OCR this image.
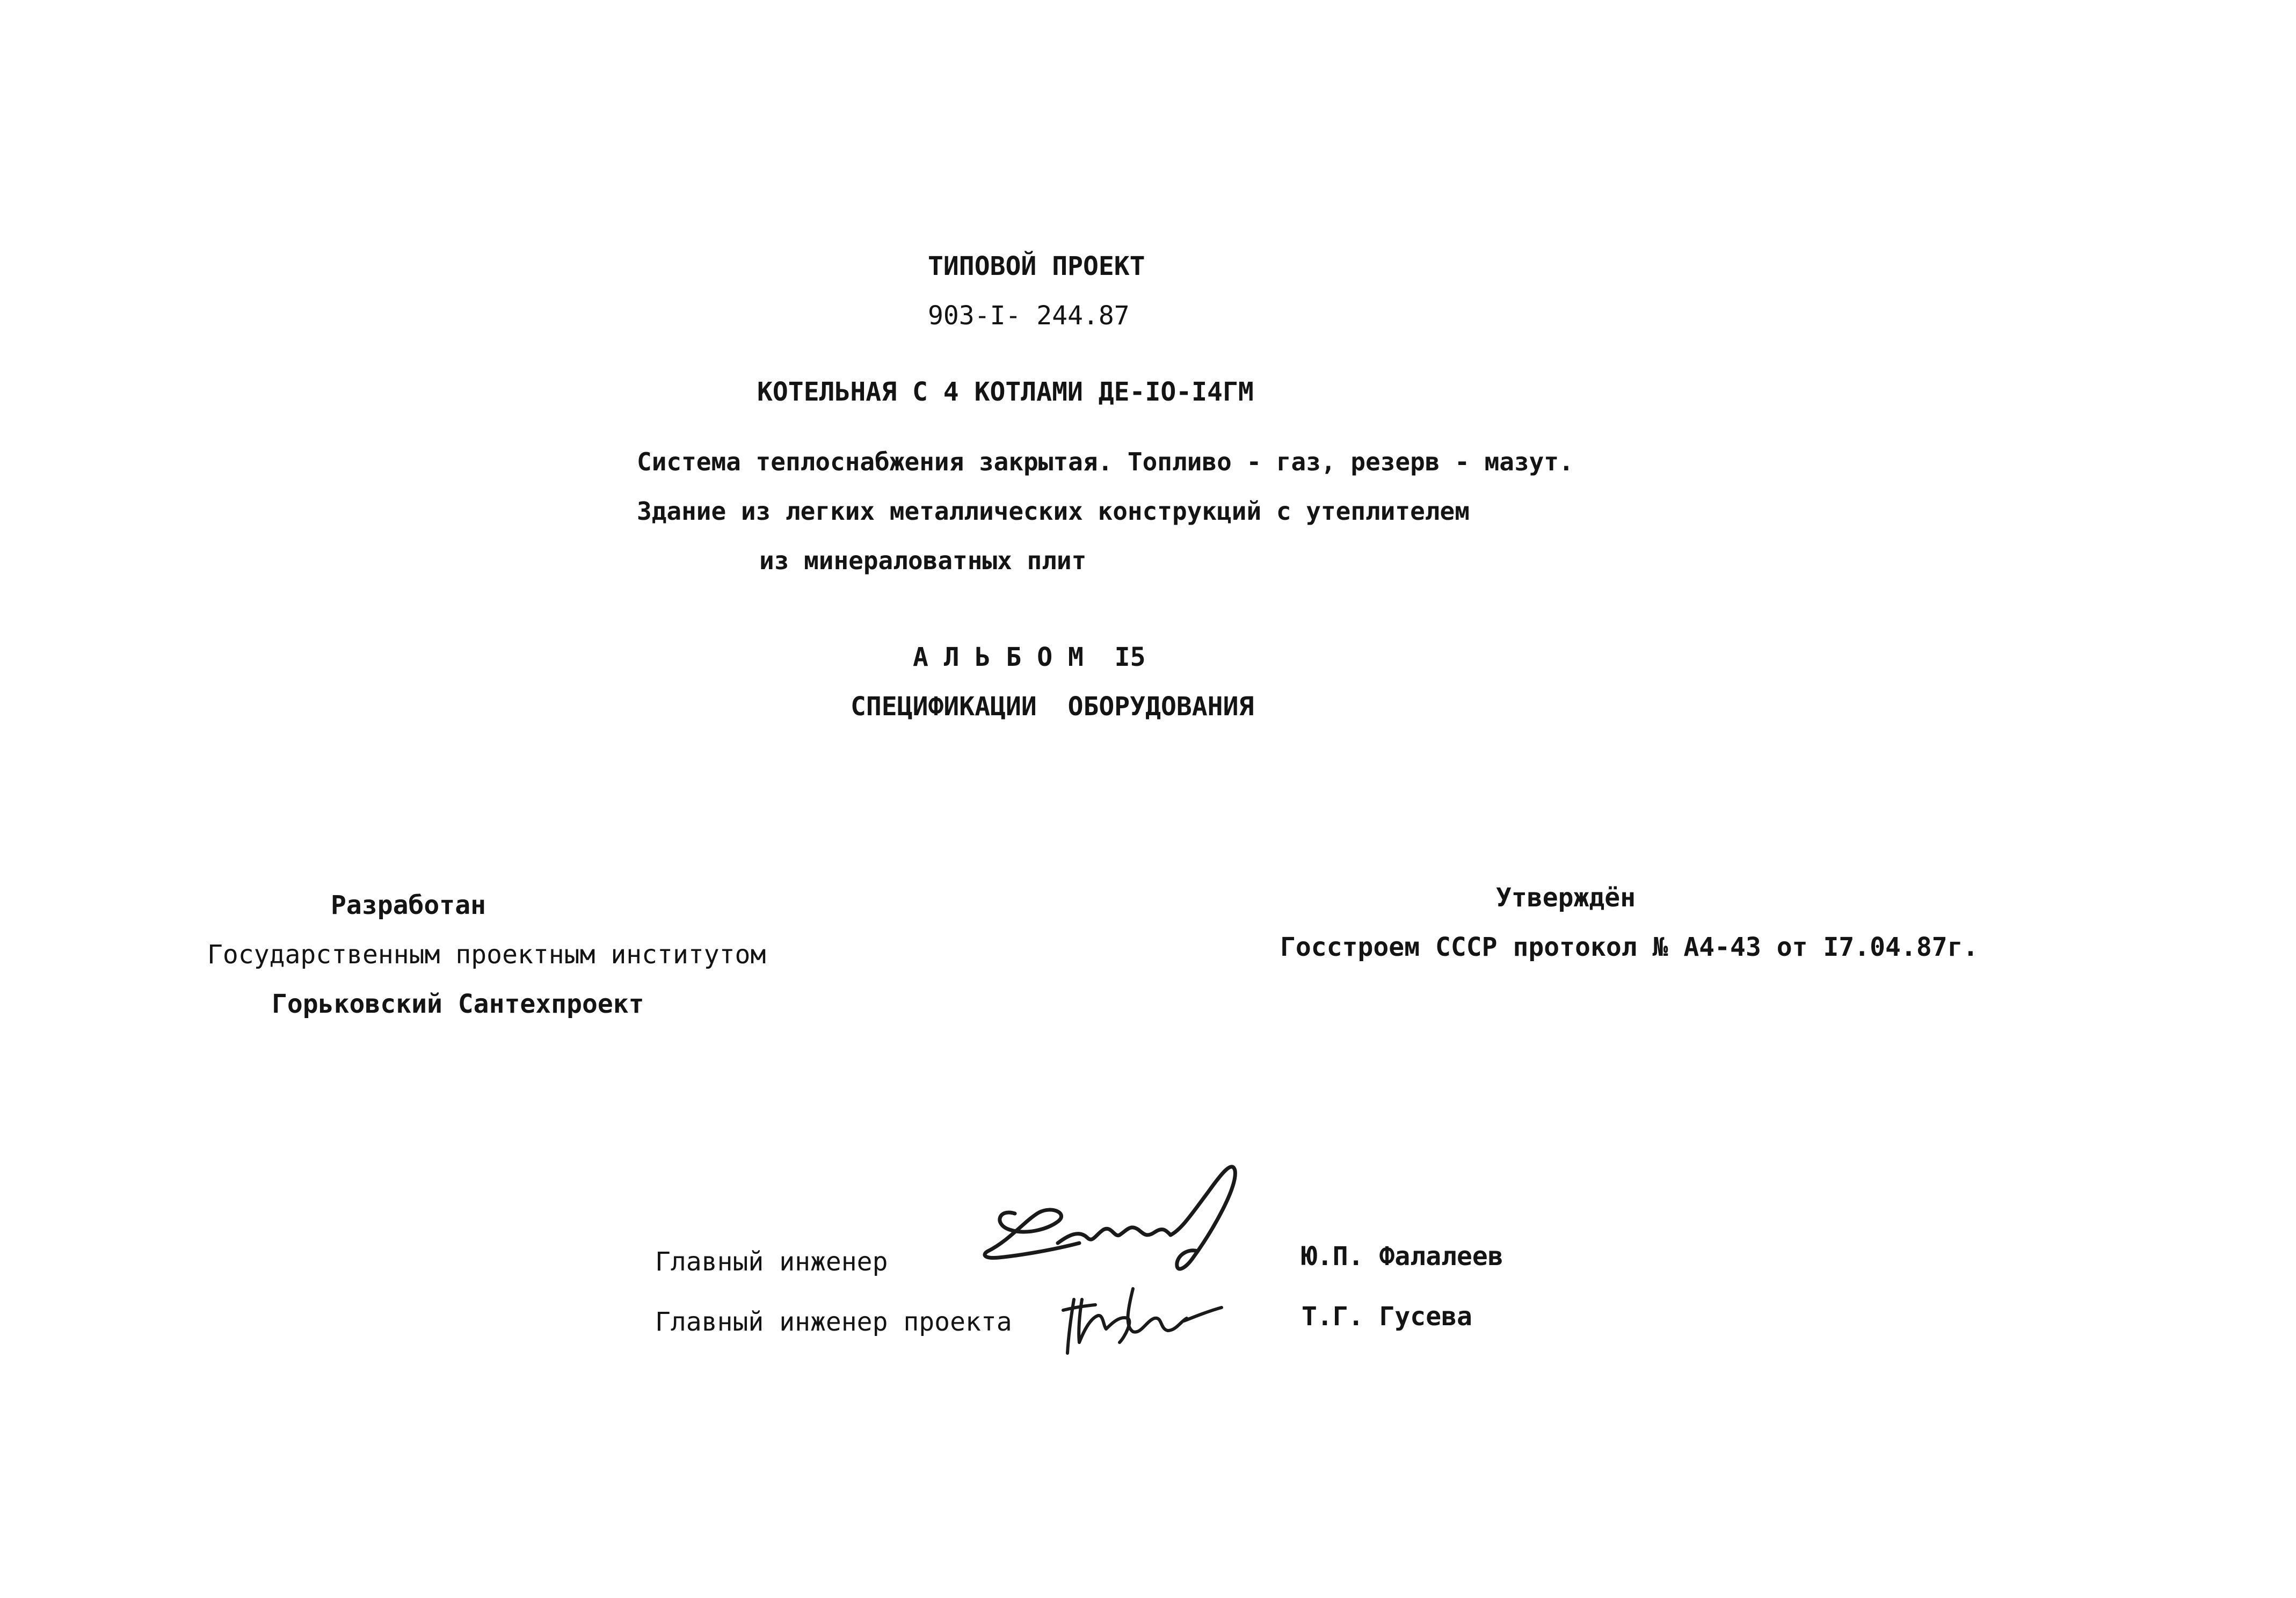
ТИПОВОЙ ПРОЕКТ
903-I- 244.87
КОТЕЛЬНАЯ С 4 КОТЛАМИ ДЕ-IO-I4ГМ
Система теплоснабжения закрытая. Топливо - газ, резерв - мазут.
Здание из легких металлических конструкций с утеплителем
из минераловатных плит
А Л Ь Б О М  I5
СПЕЦИФИКАЦИИ  ОБОРУДОВАНИЯ
Разработан
Государственным проектным институтом
Горьковский Сантехпроект
Утверждён
Госстроем СССР протокол № А4-43 от I7.04.87г.
Главный инженер	Ю.П. Фалалеев
Главный инженер проекта	Т.Г. Гусева
